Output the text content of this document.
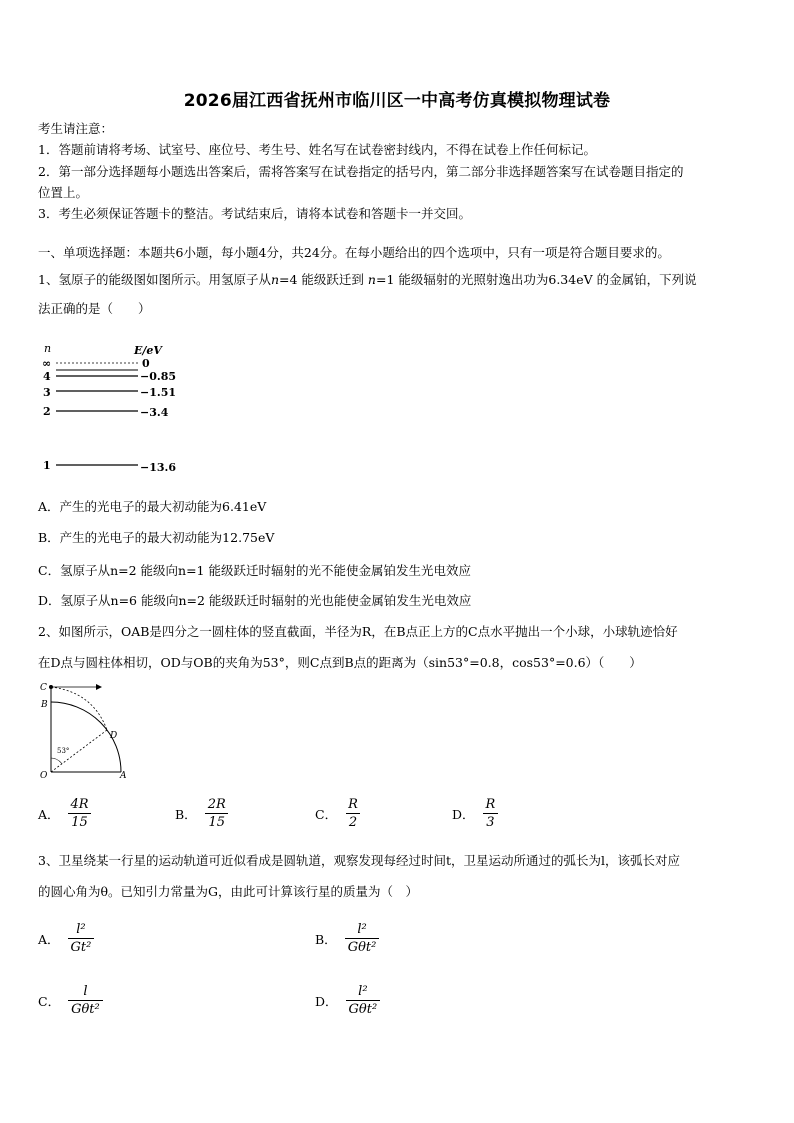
2026届江西省抚州市临川区一中高考仿真模拟物理试卷
考生请注意：
1．答题前请将考场、试室号、座位号、考生号、姓名写在试卷密封线内，不得在试卷上作任何标记。
2．第一部分选择题每小题选出答案后，需将答案写在试卷指定的括号内，第二部分非选择题答案写在试卷题目指定的
位置上。
3．考生必须保证答题卡的整洁。考试结束后，请将本试卷和答题卡一并交回。
一、单项选择题：本题共6小题，每小题4分，共24分。在每小题给出的四个选项中，只有一项是符合题目要求的。
1、氢原子的能级图如图所示。用氢原子从n=4 能级跃迁到 n=1 能级辐射的光照射逸出功为6.34eV 的金属铂，下列说
法正确的是（　　）
n	E/eV
∞	0
4	−0.85
3	−1.51
2	−3.4
1	−13.6
A．产生的光电子的最大初动能为6.41eV
B．产生的光电子的最大初动能为12.75eV
C．氢原子从n=2 能级向n=1 能级跃迁时辐射的光不能使金属铂发生光电效应
D．氢原子从n=6 能级向n=2 能级跃迁时辐射的光也能使金属铂发生光电效应
2、如图所示，OAB是四分之一圆柱体的竖直截面，半径为R，在B点正上方的C点水平抛出一个小球，小球轨迹恰好
在D点与圆柱体相切，OD与OB的夹角为53°，则C点到B点的距离为（sin53°=0.8，cos53°=0.6）（　　）
C
B
D
O	A
53°
A． $\frac{4R}{15}$	B． $\frac{2R}{15}$	C． $\frac{R}{2}$	D． $\frac{R}{3}$
3、卫星绕某一行星的运动轨道可近似看成是圆轨道，观察发现每经过时间t，卫星运动所通过的弧长为l，该弧长对应
的圆心角为θ。已知引力常量为G，由此可计算该行星的质量为（　）
A． $\frac{\text{l²}}{\text{Gt²}}$	B． $\frac{\text{l²}}{\text{Gθt²}}$
C． $\frac{l}{\text{Gθt²}}$	D． $\frac{\text{l²}}{\text{Gθt²}}$
